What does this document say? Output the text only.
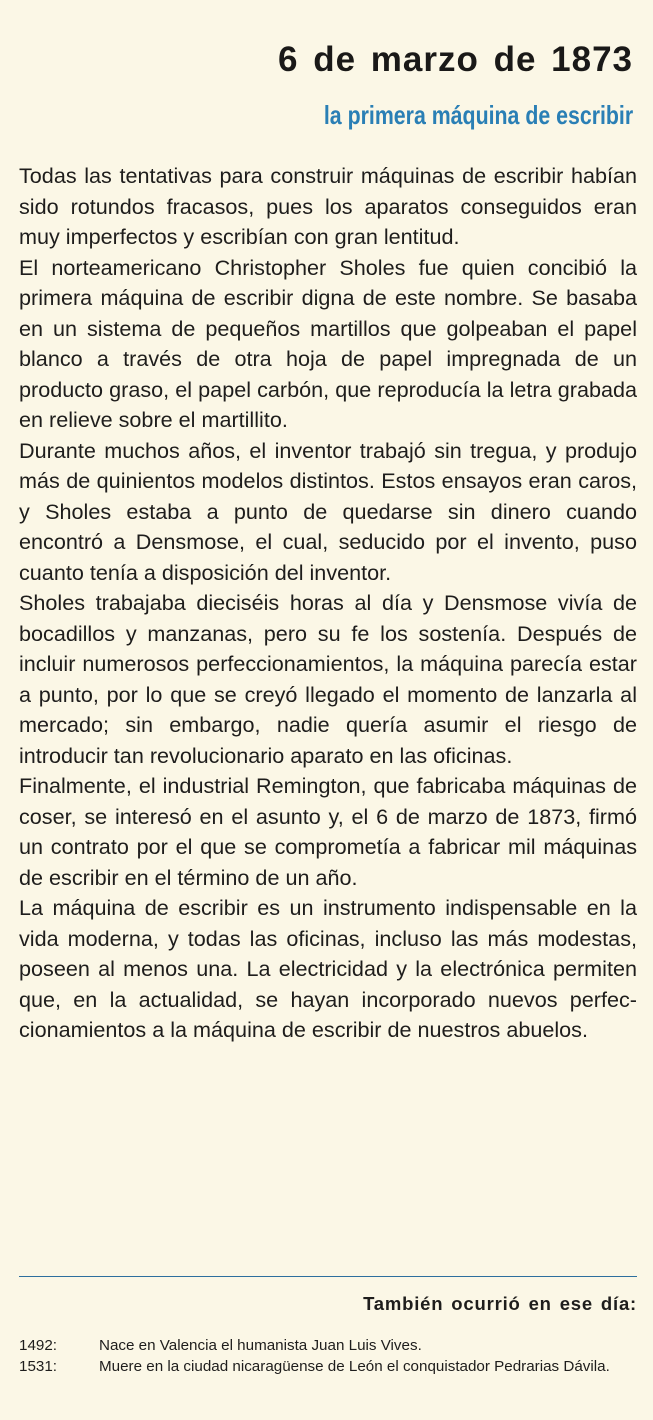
6 de marzo de 1873
la primera máquina de escribir

Todas las tentativas para construir máquinas de escribir habían sido rotundos fracasos, pues los aparatos conseguidos eran muy imperfectos y escribían con gran lentitud.

El norteamericano Christopher Sholes fue quien concibió la primera máquina de escribir digna de este nombre. Se basaba en un sistema de pequeños martillos que golpeaban el papel blanco a través de otra hoja de papel impregnada de un producto graso, el papel carbón, que reproducía la letra grabada en relieve sobre el martillito.

Durante muchos años, el inventor trabajó sin tregua, y produjo más de quinientos modelos distintos. Estos ensayos eran caros, y Sholes estaba a punto de quedarse sin dinero cuando encontró a Densmose, el cual, seducido por el invento, puso cuanto tenía a disposición del inventor.

Sholes trabajaba dieciséis horas al día y Densmose vivía de bocadillos y manzanas, pero su fe los sostenía. Después de incluir numerosos perfeccionamientos, la máquina parecía estar a punto, por lo que se creyó llegado el momento de lanzarla al mercado; sin embargo, nadie quería asumir el riesgo de introducir tan revolucionario aparato en las oficinas.

Finalmente, el industrial Remington, que fabricaba máquinas de coser, se interesó en el asunto y, el 6 de marzo de 1873, firmó un contrato por el que se comprometía a fabricar mil máquinas de escribir en el término de un año.

La máquina de escribir es un instrumento indispensable en la vida moderna, y todas las oficinas, incluso las más modestas, poseen al menos una. La electricidad y la electrónica permiten que, en la actualidad, se hayan incorporado nuevos perfeccionamientos a la máquina de escribir de nuestros abuelos.

También ocurrió en ese día:
1492:	Nace en Valencia el humanista Juan Luis Vives.
1531:	Muere en la ciudad nicaragüense de León el conquistador Pedrarias Dávila.
